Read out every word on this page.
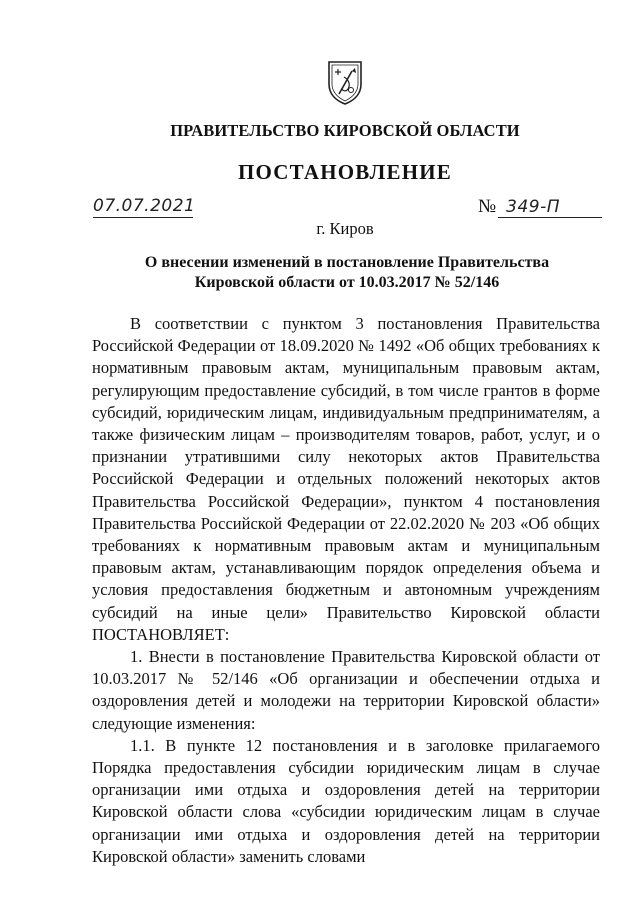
ПРАВИТЕЛЬСТВО КИРОВСКОЙ ОБЛАСТИ
ПОСТАНОВЛЕНИЕ
07.07.2021	№ 349-П
г. Киров
О внесении изменений в постановление Правительства
Кировской области от 10.03.2017 № 52/146

В соответствии с пунктом 3 постановления Правительства Российской Федерации от 18.09.2020 № 1492 «Об общих требованиях к нормативным правовым актам, муниципальным правовым актам, регулирующим предоставление субсидий, в том числе грантов в форме субсидий, юридическим лицам, индивидуальным предпринимателям, а также физическим лицам – производителям товаров, работ, услуг, и о признании утратившими силу некоторых актов Правительства Российской Федерации и отдельных положений некоторых актов Правительства Российской Федерации», пунктом 4 постановления Правительства Российской Федерации от 22.02.2020 № 203 «Об общих требованиях к нормативным правовым актам и муниципальным правовым актам, устанавливающим порядок определения объема и условия предоставления бюджетным и автономным учреждениям субсидий на иные цели» Правительство Кировской области ПОСТАНОВЛЯЕТ:

1. Внести в постановление Правительства Кировской области от 10.03.2017 № 52/146 «Об организации и обеспечении отдыха и оздоровления детей и молодежи на территории Кировской области» следующие изменения:

1.1. В пункте 12 постановления и в заголовке прилагаемого Порядка предоставления субсидии юридическим лицам в случае организации ими отдыха и оздоровления детей на территории Кировской области слова «субсидии юридическим лицам в случае организации ими отдыха и оздоровления детей на территории Кировской области» заменить словами
